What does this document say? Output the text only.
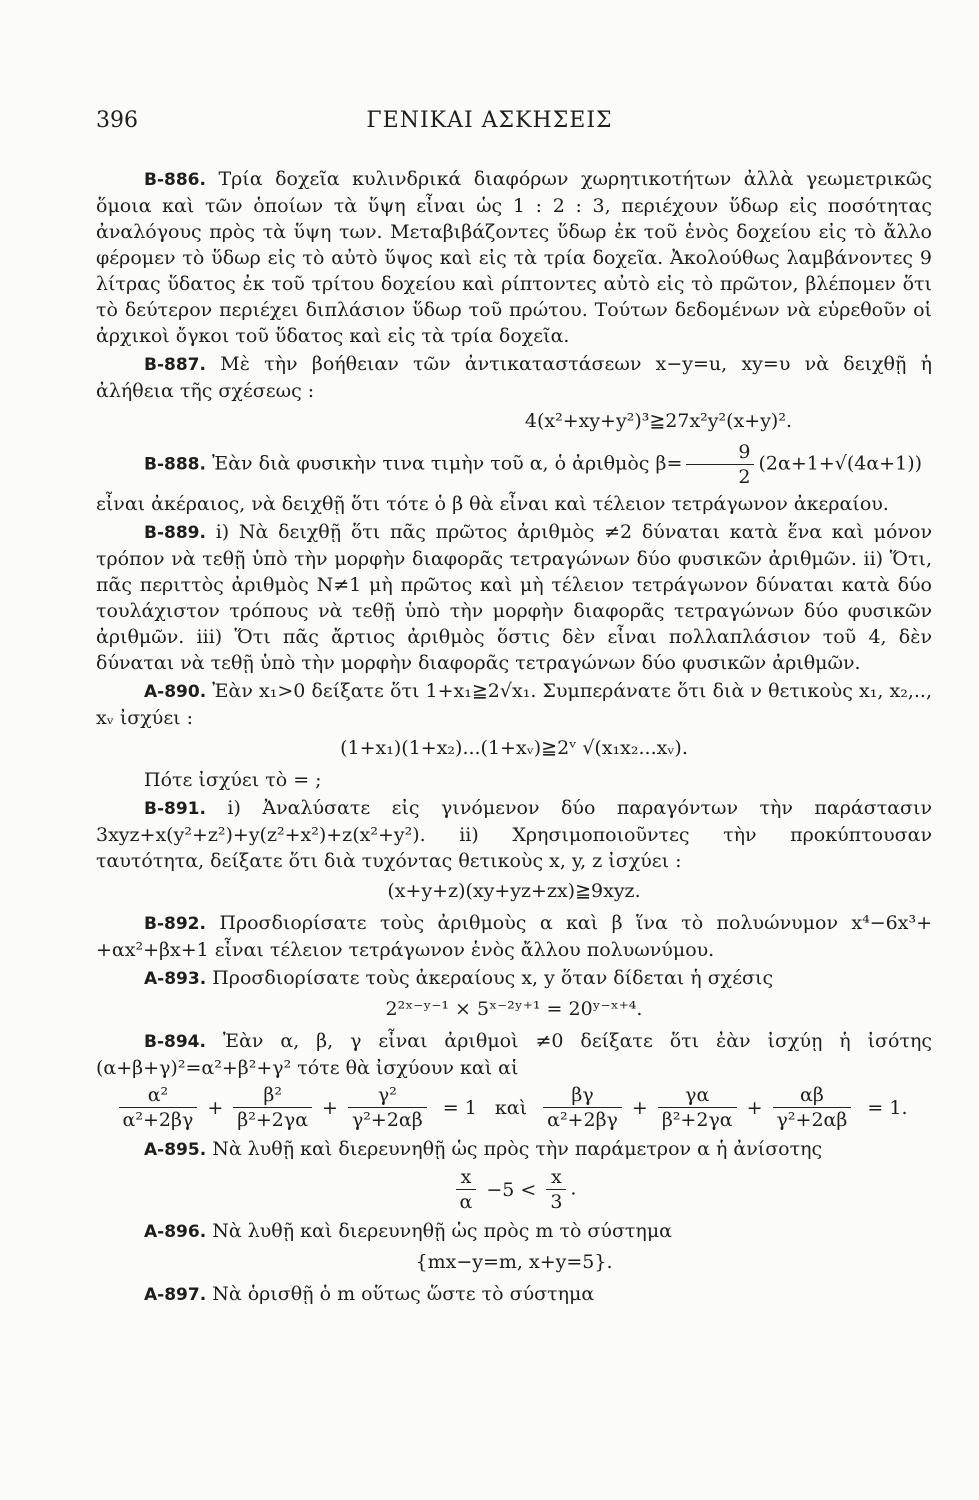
396	ΓΕΝΙΚΑΙ ΑΣΚΗΣΕΙΣ

Β-886. Τρία δοχεῖα κυλινδρικά διαφόρων χωρητικοτήτων ἀλλὰ γεωμετρικῶς ὅμοια καὶ τῶν ὁποίων τὰ ὕψη εἶναι ὡς 1 : 2 : 3, περιέχουν ὕδωρ εἰς ποσότητας ἀναλόγους πρὸς τὰ ὕψη των. Μεταβιβάζοντες ὕδωρ ἐκ τοῦ ἑνὸς δοχείου εἰς τὸ ἄλλο φέρομεν τὸ ὕδωρ εἰς τὸ αὐτὸ ὕψος καὶ εἰς τὰ τρία δοχεῖα. Ἀκολούθως λαμβάνοντες 9 λίτρας ὕδατος ἐκ τοῦ τρίτου δοχείου καὶ ρίπτοντες αὐτὸ εἰς τὸ πρῶτον, βλέπομεν ὅτι τὸ δεύτερον περιέχει διπλάσιον ὕδωρ τοῦ πρώτου. Τούτων δεδομένων νὰ εὑρεθοῦν οἱ ἀρχικοὶ ὄγκοι τοῦ ὕδατος καὶ εἰς τὰ τρία δοχεῖα.

Β-887. Μὲ τὴν βοήθειαν τῶν ἀντικαταστάσεων x−y=u, xy=υ νὰ δειχθῇ ἡ ἀλήθεια τῆς σχέσεως :

4(x²+xy+y²)³≧27x²y²(x+y)².

Β-888. Ἐὰν διὰ φυσικὴν τινα τιμὴν τοῦ α, ὁ ἀριθμὸς $\beta= \frac{9}{2} (2\alpha+1+√(4\alpha+1))$

εἶναι ἀκέραιος, νὰ δειχθῇ ὅτι τότε ὁ β θὰ εἶναι καὶ τέλειον τετράγωνον ἀκεραίου.

Β-889. i) Νὰ δειχθῇ ὅτι πᾶς πρῶτος ἀριθμὸς ≠2 δύναται κατὰ ἕνα καὶ μόνον τρόπον νὰ τεθῇ ὑπὸ τὴν μορφὴν διαφορᾶς τετραγώνων δύο φυσικῶν ἀριθμῶν. ii) Ὅτι, πᾶς περιττὸς ἀριθμὸς N≠1 μὴ πρῶτος καὶ μὴ τέλειον τετράγωνον δύναται κατὰ δύο τουλάχιστον τρόπους νὰ τεθῇ ὑπὸ τὴν μορφὴν διαφορᾶς τετραγώνων δύο φυσικῶν ἀριθμῶν. iii) Ὅτι πᾶς ἄρτιος ἀριθμὸς ὅστις δὲν εἶναι πολλαπλάσιον τοῦ 4, δὲν δύναται νὰ τεθῇ ὑπὸ τὴν μορφὴν διαφορᾶς τετραγώνων δύο φυσικῶν ἀριθμῶν.

Α-890. Ἐὰν x₁>0 δείξατε ὅτι 1+x₁≧2√x₁. Συμπεράνατε ὅτι διὰ ν θετικοὺς x₁, x₂,.., xᵥ ἰσχύει :

(1+x₁)(1+x₂)...(1+xᵥ)≧2ᵛ √(x₁x₂...xᵥ).

Πότε ἰσχύει τὸ = ;

Β-891. i) Ἀναλύσατε εἰς γινόμενον δύο παραγόντων τὴν παράστασιν 3xyz+x(y²+z²)+y(z²+x²)+z(x²+y²). ii) Χρησιμοποιοῦντες τὴν προκύπτουσαν ταυτότητα, δείξατε ὅτι διὰ τυχόντας θετικοὺς x, y, z ἰσχύει :

(x+y+z)(xy+yz+zx)≧9xyz.

Β-892. Προσδιορίσατε τοὺς ἀριθμοὺς α καὶ β ἵνα τὸ πολυώνυμον x⁴−6x³+ +αx²+βx+1 εἶναι τέλειον τετράγωνον ἑνὸς ἄλλου πολυωνύμου.

Α-893. Προσδιορίσατε τοὺς ἀκεραίους x, y ὅταν δίδεται ἡ σχέσις

2²ˣ⁻ʸ⁻¹ × 5ˣ⁻²ʸ⁺¹ = 20ʸ⁻ˣ⁺⁴.

Β-894. Ἐὰν α, β, γ εἶναι ἀριθμοὶ ≠0 δείξατε ὅτι ἐὰν ἰσχύῃ ἡ ἰσότης (α+β+γ)²=α²+β²+γ² τότε θὰ ἰσχύουν καὶ αἱ

$\frac{\text{α²}}{\text{α²+2βγ}} + \frac{\text{β²}}{\text{β²+2γα}} + \frac{\text{γ²}}{\text{γ²+2αβ}} = 1$ καὶ $\frac{\beta\gamma}{\text{α²+2βγ}} + \frac{\gamma\alpha}{\text{β²+2γα}} + \frac{\alpha\beta}{\text{γ²+2αβ}} = 1$.

Α-895. Νὰ λυθῇ καὶ διερευνηθῇ ὡς πρὸς τὴν παράμετρον α ἡ ἀνίσοτης

$\frac{x}{\alpha} -5 < \frac{x}{3}$ .

Α-896. Νὰ λυθῇ καὶ διερευνηθῇ ὡς πρὸς m τὸ σύστημα

{mx−y=m, x+y=5}.

Α-897. Νὰ ὁρισθῇ ὁ m οὕτως ὥστε τὸ σύστημα
